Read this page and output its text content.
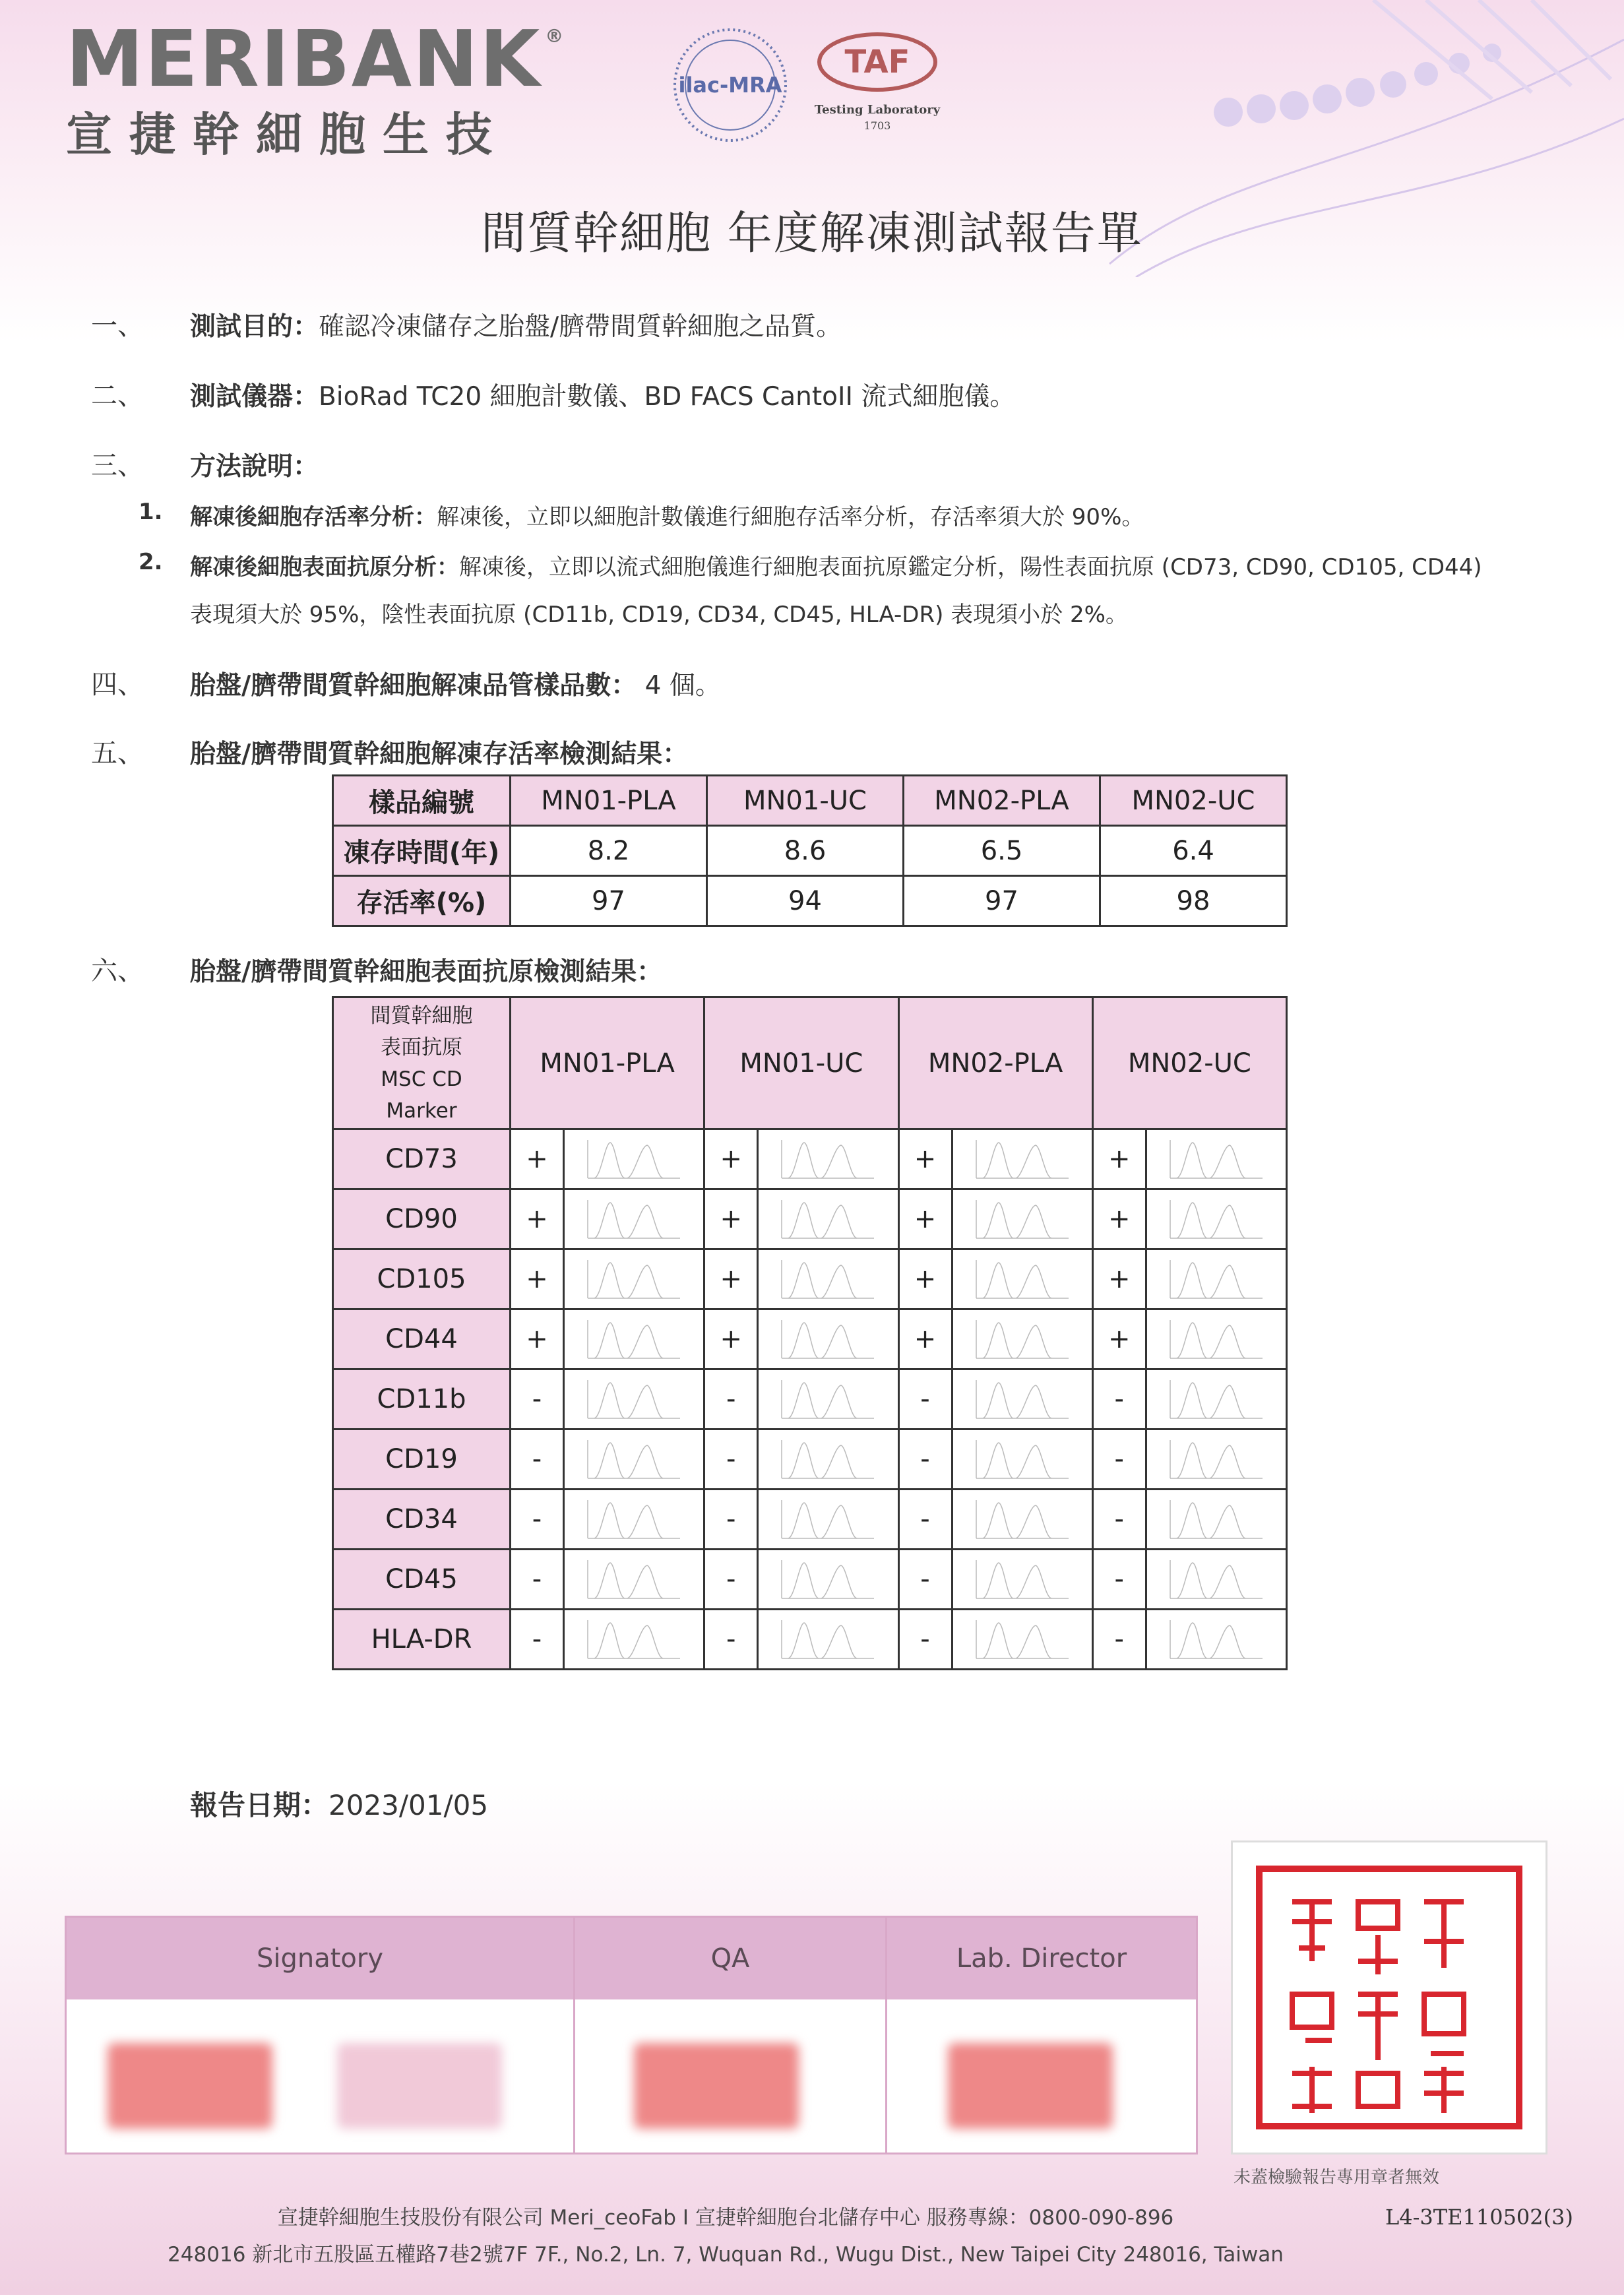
MERIBANK ®
宣捷幹細胞生技
ilac-MRA
TAF
Testing Laboratory
1703
間質幹細胞 年度解凍測試報告單
一、 測試目的：確認冷凍儲存之胎盤/臍帶間質幹細胞之品質。
二、 測試儀器：BioRad TC20 細胞計數儀、BD FACS CantoII 流式細胞儀。
三、 方法說明：
1. 解凍後細胞存活率分析：解凍後，立即以細胞計數儀進行細胞存活率分析，存活率須大於 90%。
2. 解凍後細胞表面抗原分析：解凍後，立即以流式細胞儀進行細胞表面抗原鑑定分析，陽性表面抗原 (CD73, CD90, CD105, CD44)
表現須大於 95%，陰性表面抗原 (CD11b, CD19, CD34, CD45, HLA-DR) 表現須小於 2%。
四、 胎盤/臍帶間質幹細胞解凍品管樣品數： 4 個。
五、 胎盤/臍帶間質幹細胞解凍存活率檢測結果：
樣品編號	MN01-PLA	MN01-UC	MN02-PLA	MN02-UC
凍存時間(年)	8.2	8.6	6.5	6.4
存活率(%)	97	94	97	98
六、 胎盤/臍帶間質幹細胞表面抗原檢測結果：
間質幹細胞
表面抗原
MSC CD
Marker	MN01-PLA		MN01-UC		MN02-PLA		MN02-UC	
CD73	+		+		+		+	

CD90	+		+		+		+	

CD105	+		+		+		+	

CD44	+		+		+		+	

CD11b	-		-		-		-	

CD19	-		-		-		-	

CD34	-		-		-		-	

CD45	-		-		-		-	

HLA-DR	-		-		-		-	
報告日期：2023/01/05
Signatory	QA	Lab. Director
未蓋檢驗報告專用章者無效
宣捷幹細胞生技股份有限公司 Meri_ceoFab I 宣捷幹細胞台北儲存中心 服務專線：0800-090-896
248016 新北市五股區五權路7巷2號7F 7F., No.2, Ln. 7, Wuquan Rd., Wugu Dist., New Taipei City 248016, Taiwan
L4-3TE110502(3)
